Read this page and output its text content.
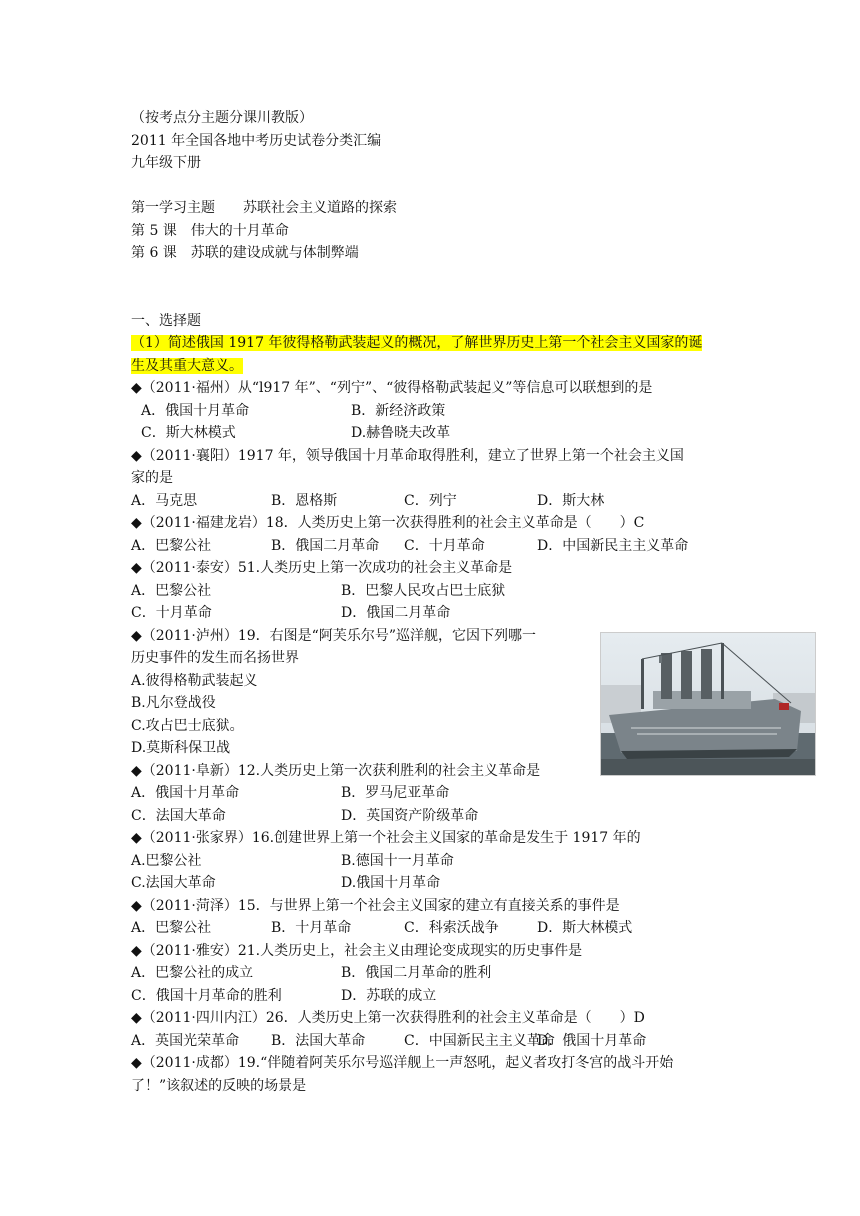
（按考点分主题分课川教版）
2011 年全国各地中考历史试卷分类汇编
九年级下册
第一学习主题　　苏联社会主义道路的探索
第 5 课　伟大的十月革命
第 6 课　苏联的建设成就与体制弊端
一、选择题
（1）简述俄国 1917 年彼得格勒武装起义的概况，了解世界历史上第一个社会主义国家的诞
生及其重大意义。
◆（2011·福州）从“l917 年”、“列宁”、“彼得格勒武装起义”等信息可以联想到的是
A．俄国十月革命	B．新经济政策
C．斯大林模式	D.赫鲁晓夫改革
◆（2011·襄阳）1917 年，领导俄国十月革命取得胜利，建立了世界上第一个社会主义国
家的是
A．马克思	B．恩格斯	C．列宁	D．斯大林
◆（2011·福建龙岩）18．人类历史上第一次获得胜利的社会主义革命是（　　）C
A．巴黎公社	B．俄国二月革命	C．十月革命	D．中国新民主主义革命
◆（2011·泰安）51.人类历史上第一次成功的社会主义革命是
A．巴黎公社	B．巴黎人民攻占巴士底狱
C．十月革命	D．俄国二月革命
◆（2011·泸州）19．右图是“阿芙乐尔号”巡洋舰，它因下列哪一
历史事件的发生而名扬世界
A.彼得格勒武装起义
B.凡尔登战役
C.攻占巴士底狱。
D.莫斯科保卫战
◆（2011·阜新）12.人类历史上第一次获利胜利的社会主义革命是
A．俄国十月革命	B．罗马尼亚革命
C．法国大革命	D．英国资产阶级革命
◆（2011·张家界）16.创建世界上第一个社会主义国家的革命是发生于 1917 年的
A.巴黎公社	B.德国十一月革命
C.法国大革命	D.俄国十月革命
◆（2011·菏泽）15．与世界上第一个社会主义国家的建立有直接关系的事件是
A．巴黎公社	B．十月革命	C．科索沃战争	D．斯大林模式
◆（2011·雅安）21.人类历史上，社会主义由理论变成现实的历史事件是
A．巴黎公社的成立	B．俄国二月革命的胜利
C．俄国十月革命的胜利	D．苏联的成立
◆（2011·四川内江）26．人类历史上第一次获得胜利的社会主义革命是（　　）D
A．英国光荣革命	B．法国大革命	C．中国新民主主义革命
D．俄国十月革命
◆（2011·成都）19.“伴随着阿芙乐尔号巡洋舰上一声怒吼，起义者攻打冬宫的战斗开始
了！”该叙述的反映的场景是
